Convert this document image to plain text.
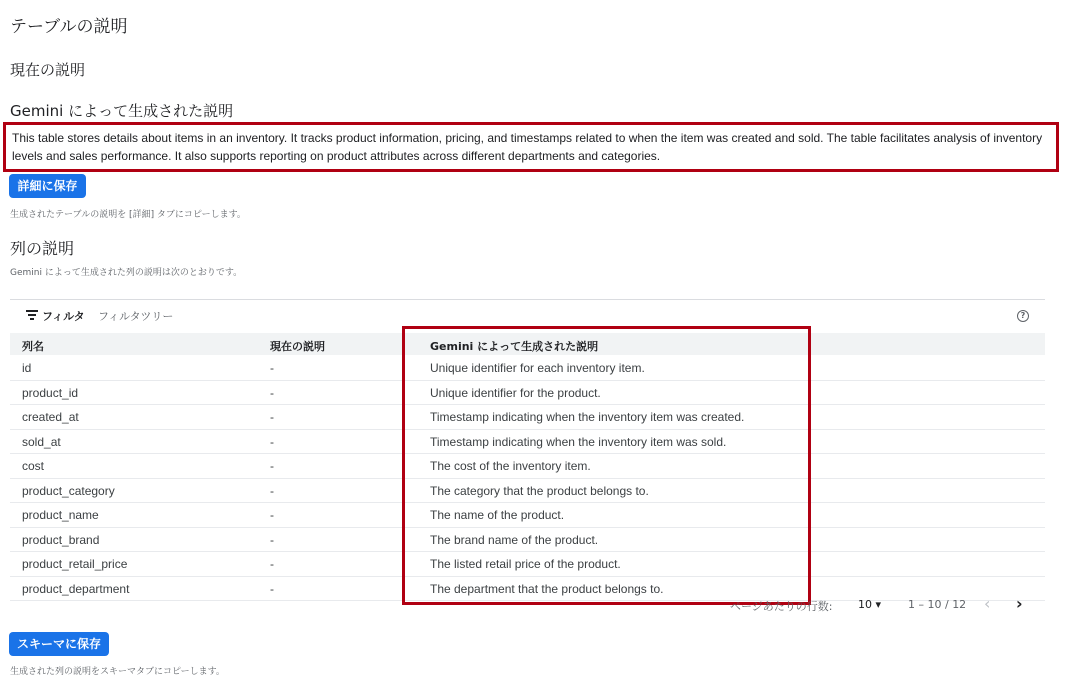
テーブルの説明
現在の説明
Gemini によって生成された説明
This table stores details about items in an inventory. It tracks product information, pricing, and timestamps related to when the item was created and sold. The table facilitates analysis of inventory levels and sales performance. It also supports reporting on product attributes across different departments and categories.
詳細に保存
生成されたテーブルの説明を [詳細] タブにコピーします。
列の説明
Gemini によって生成された列の説明は次のとおりです。
フィルタ フィルタツリー	?
列名	現在の説明	Gemini によって生成された説明
id	-	Unique identifier for each inventory item.
product_id	-	Unique identifier for the product.
created_at	-	Timestamp indicating when the inventory item was created.
sold_at	-	Timestamp indicating when the inventory item was sold.
cost	-	The cost of the inventory item.
product_category	-	The category that the product belongs to.
product_name	-	The name of the product.
product_brand	-	The brand name of the product.
product_retail_price	-	The listed retail price of the product.
product_department	-	The department that the product belongs to.
ページあたりの行数: 10 ▾ 1 – 10 / 12 ‹ ›
スキーマに保存
生成された列の説明をスキーマタブにコピーします。
